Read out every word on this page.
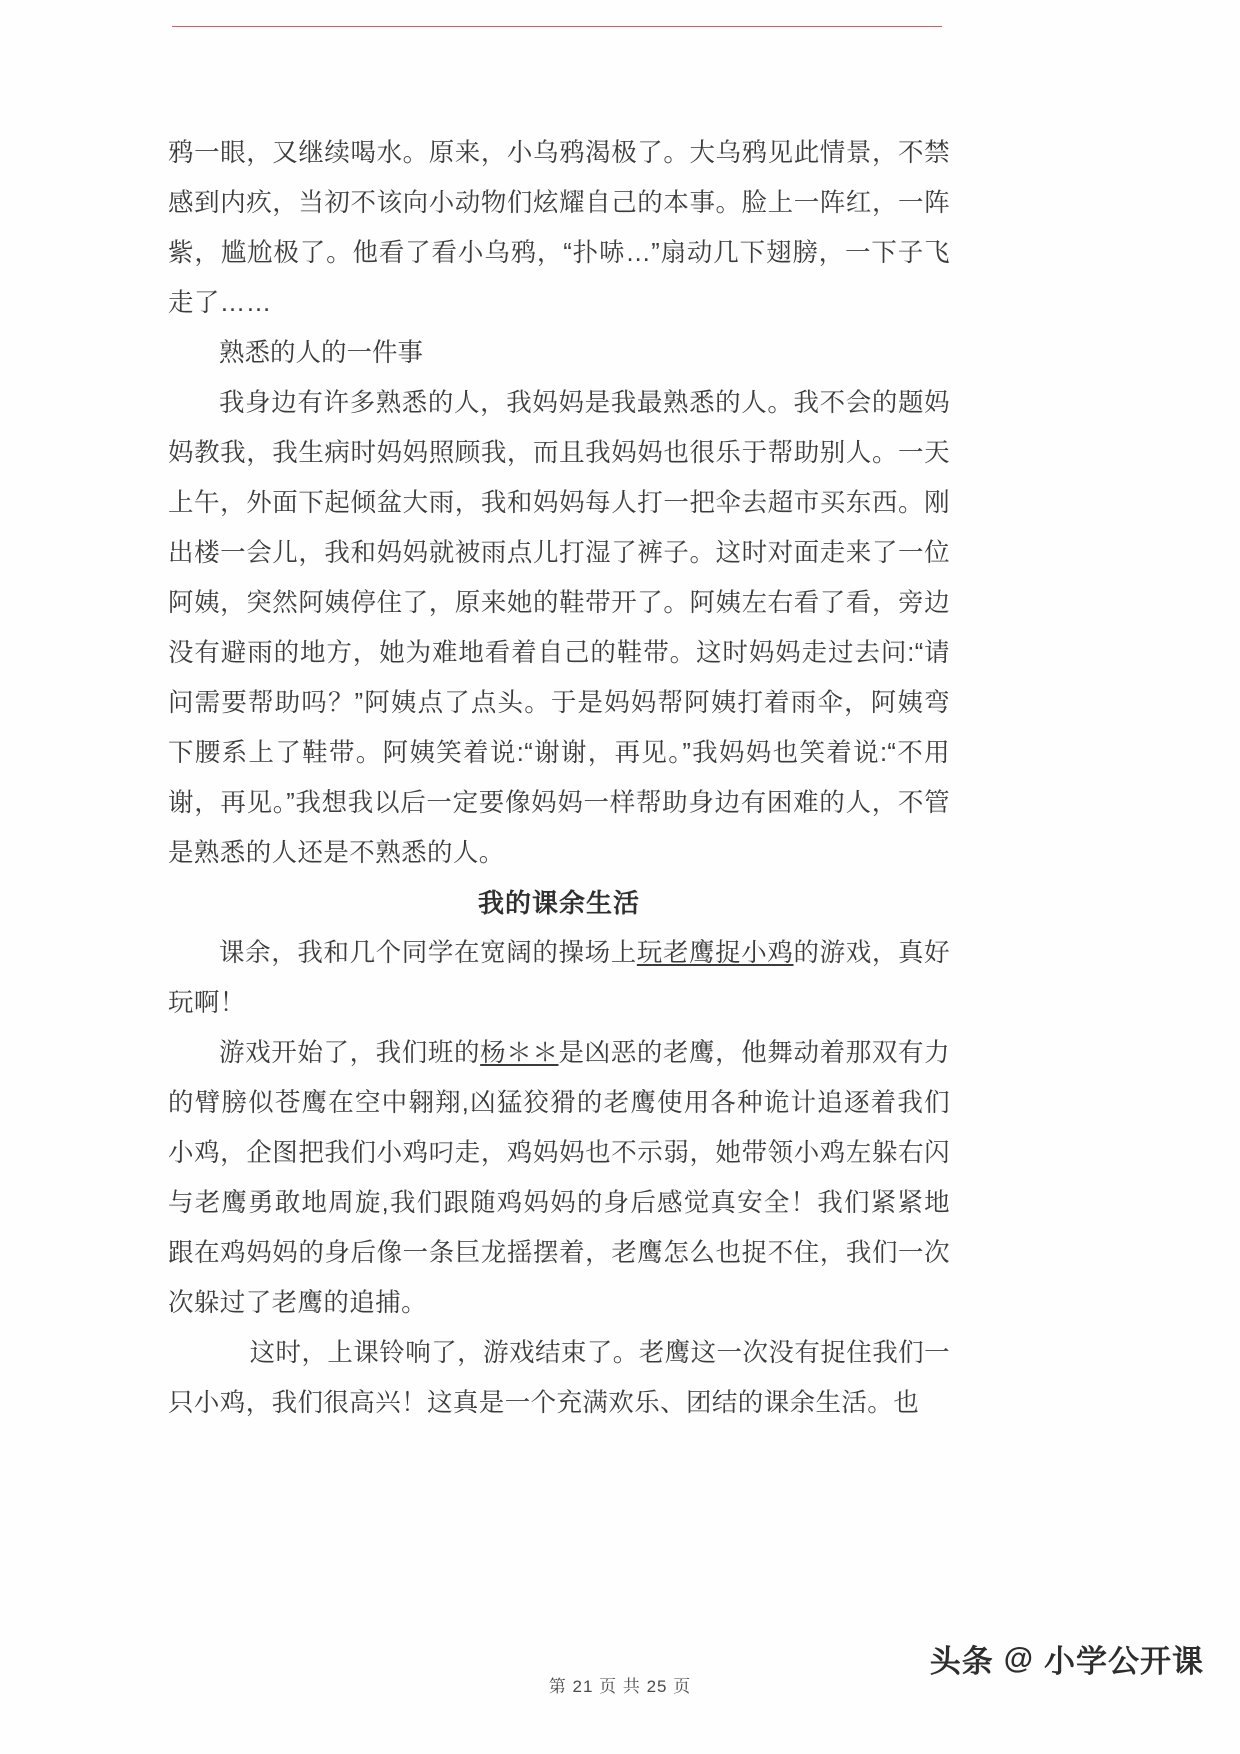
鸦一眼，又继续喝水。原来，小乌鸦渴极了。大乌鸦见此情景，不禁感到内疚，当初不该向小动物们炫耀自己的本事。脸上一阵红，一阵紫，尴尬极了。他看了看小乌鸦，“扑哧…”扇动几下翅膀，一下子飞走了……

熟悉的人的一件事

我身边有许多熟悉的人，我妈妈是我最熟悉的人。我不会的题妈妈教我，我生病时妈妈照顾我，而且我妈妈也很乐于帮助别人。一天上午，外面下起倾盆大雨，我和妈妈每人打一把伞去超市买东西。刚出楼一会儿，我和妈妈就被雨点儿打湿了裤子。这时对面走来了一位阿姨，突然阿姨停住了，原来她的鞋带开了。阿姨左右看了看，旁边没有避雨的地方，她为难地看着自己的鞋带。这时妈妈走过去问:“请问需要帮助吗？”阿姨点了点头。于是妈妈帮阿姨打着雨伞，阿姨弯下腰系上了鞋带。阿姨笑着说:“谢谢，再见。”我妈妈也笑着说:“不用谢，再见。”我想我以后一定要像妈妈一样帮助身边有困难的人，不管是熟悉的人还是不熟悉的人。

我的课余生活

课余，我和几个同学在宽阔的操场上玩老鹰捉小鸡的游戏，真好玩啊！

游戏开始了，我们班的杨＊＊是凶恶的老鹰，他舞动着那双有力的臂膀似苍鹰在空中翱翔,凶猛狡猾的老鹰使用各种诡计追逐着我们小鸡，企图把我们小鸡叼走，鸡妈妈也不示弱，她带领小鸡左躲右闪与老鹰勇敢地周旋,我们跟随鸡妈妈的身后感觉真安全！我们紧紧地跟在鸡妈妈的身后像一条巨龙摇摆着，老鹰怎么也捉不住，我们一次次躲过了老鹰的追捕。

这时，上课铃响了，游戏结束了。老鹰这一次没有捉住我们一只小鸡，我们很高兴！这真是一个充满欢乐、团结的课余生活。也

第 21 页 共 25 页
头条 @ 小学公开课
